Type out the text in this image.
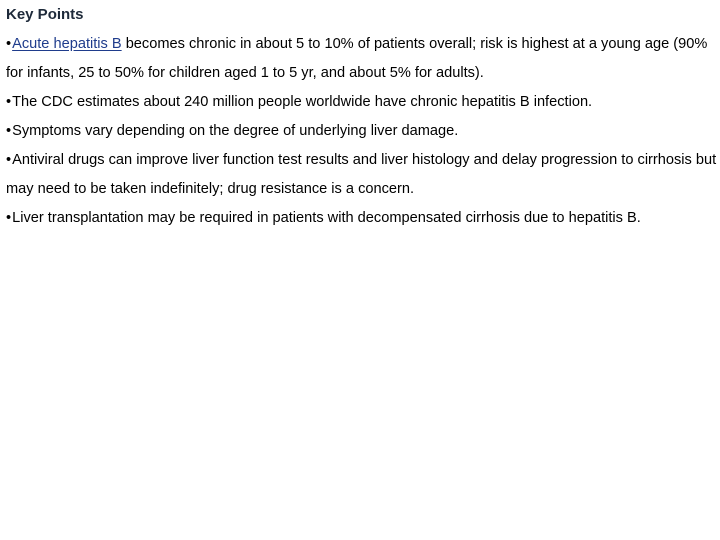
Key Points
•Acute hepatitis B becomes chronic in about 5 to 10% of patients overall; risk is highest at a young age (90% for infants, 25 to 50% for children aged 1 to 5 yr, and about 5% for adults).
•The CDC estimates about 240 million people worldwide have chronic hepatitis B infection.
•Symptoms vary depending on the degree of underlying liver damage.
•Antiviral drugs can improve liver function test results and liver histology and delay progression to cirrhosis but may need to be taken indefinitely; drug resistance is a concern.
•Liver transplantation may be required in patients with decompensated cirrhosis due to hepatitis B.
